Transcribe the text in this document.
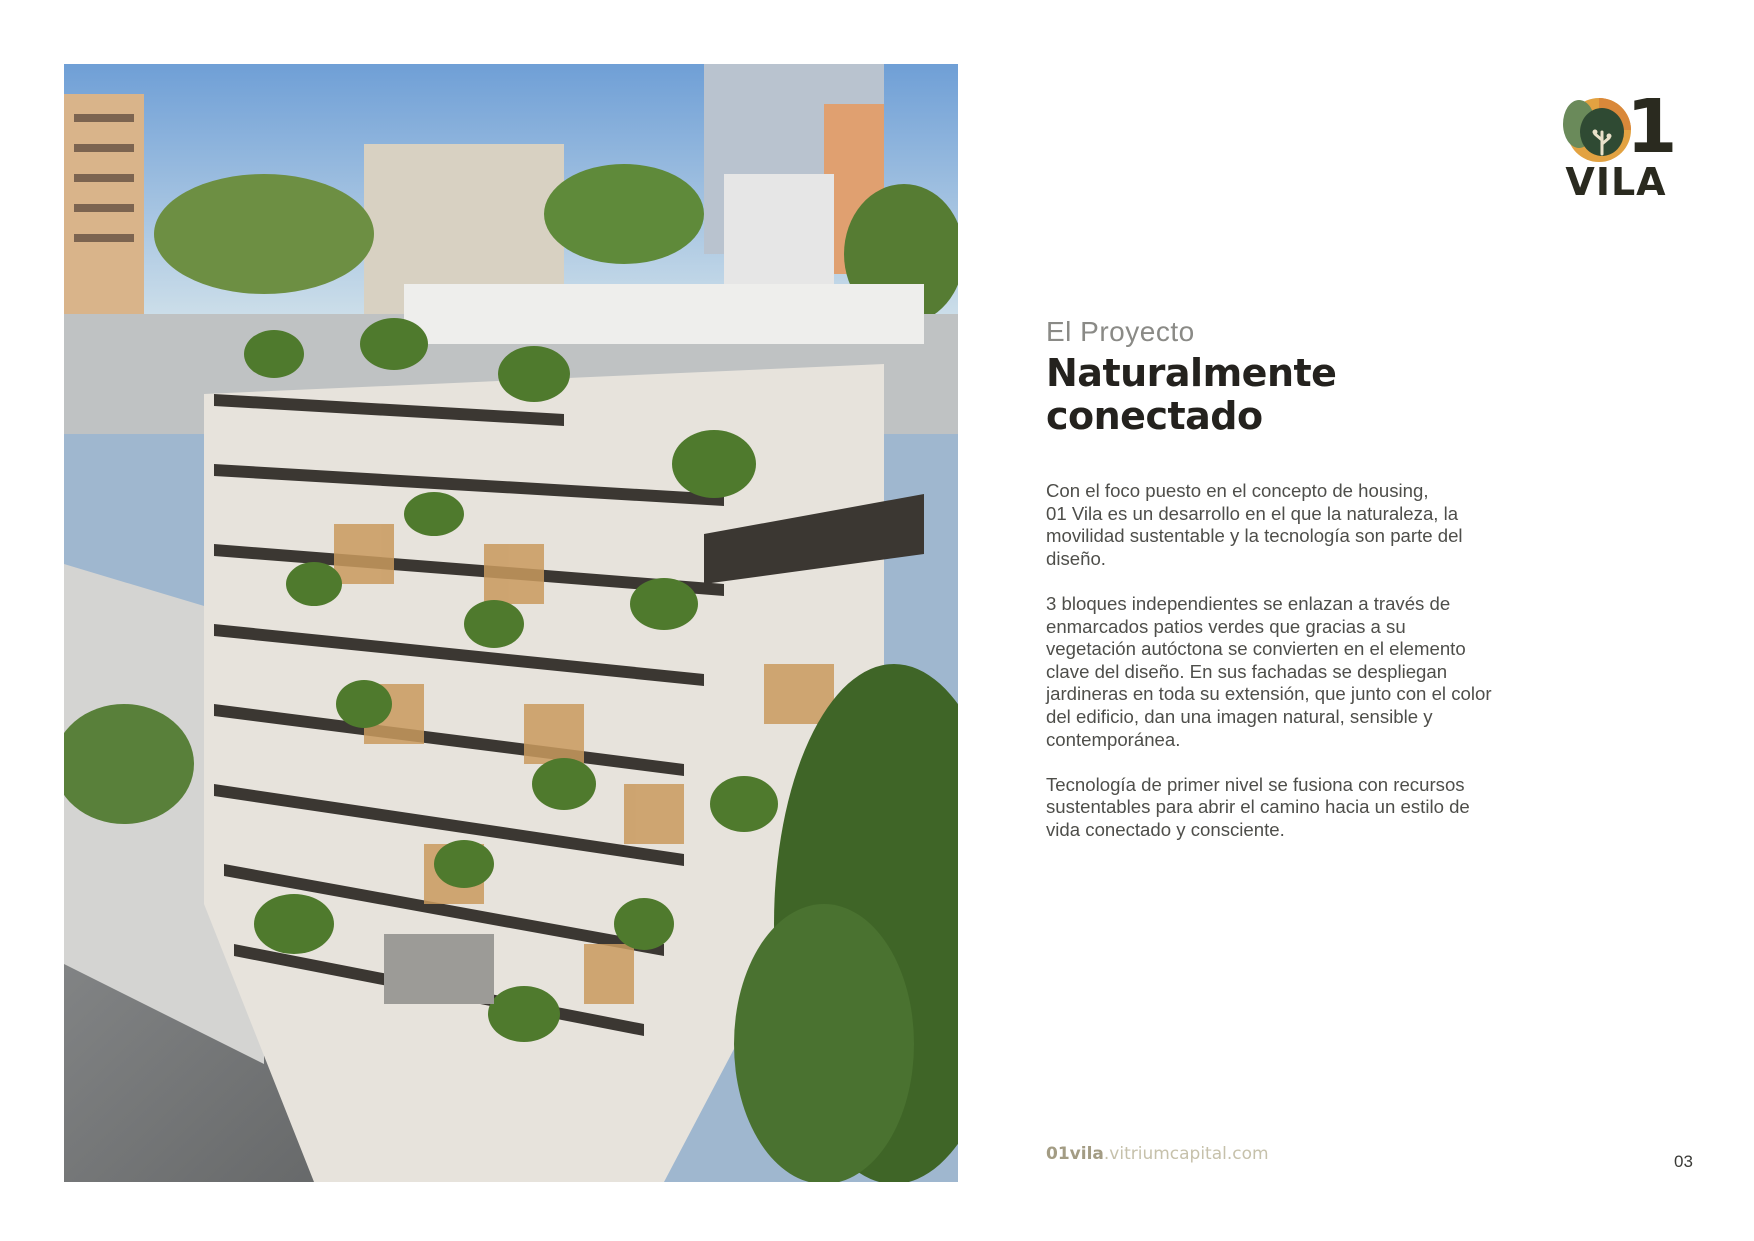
1
VILA
El Proyecto
Naturalmente
conectado

Con el foco puesto en el concepto de housing,
01 Vila es un desarrollo en el que la naturaleza, la
movilidad sustentable y la tecnología son parte del
diseño.

3 bloques independientes se enlazan a través de
enmarcados patios verdes que gracias a su
vegetación autóctona se convierten en el elemento
clave del diseño. En sus fachadas se despliegan
jardineras en toda su extensión, que junto con el color
del edificio, dan una imagen natural, sensible y
contemporánea.

Tecnología de primer nivel se fusiona con recursos
sustentables para abrir el camino hacia un estilo de
vida conectado y consciente.

01vila.vitriumcapital.com	03
